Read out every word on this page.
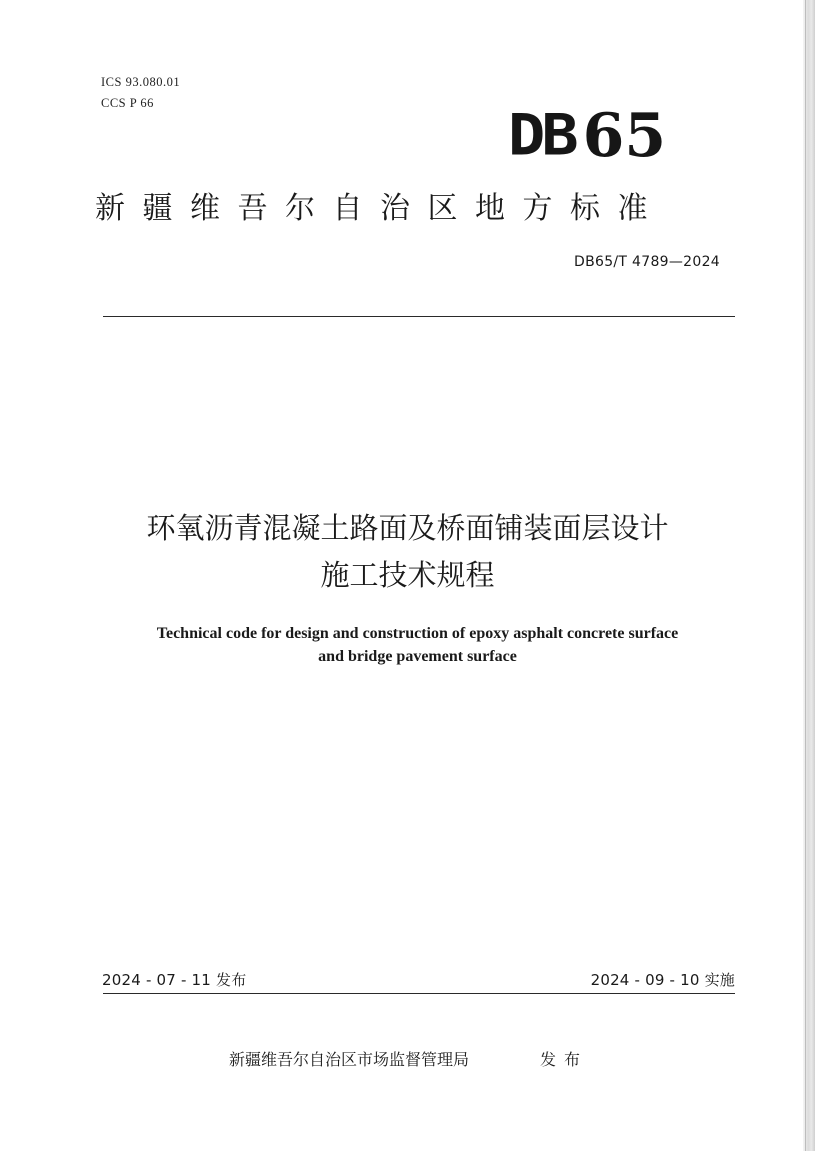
ICS 93.080.01
CCS P 66	DB 65
新疆维吾尔自治区地方标准
DB65/T 4789—2024
环氧沥青混凝土路面及桥面铺装面层设计
施工技术规程
Technical code for design and construction of epoxy asphalt concrete surface
and bridge pavement surface
2024 - 07 - 11 发布	2024 - 09 - 10 实施
新疆维吾尔自治区市场监督管理局	发布
